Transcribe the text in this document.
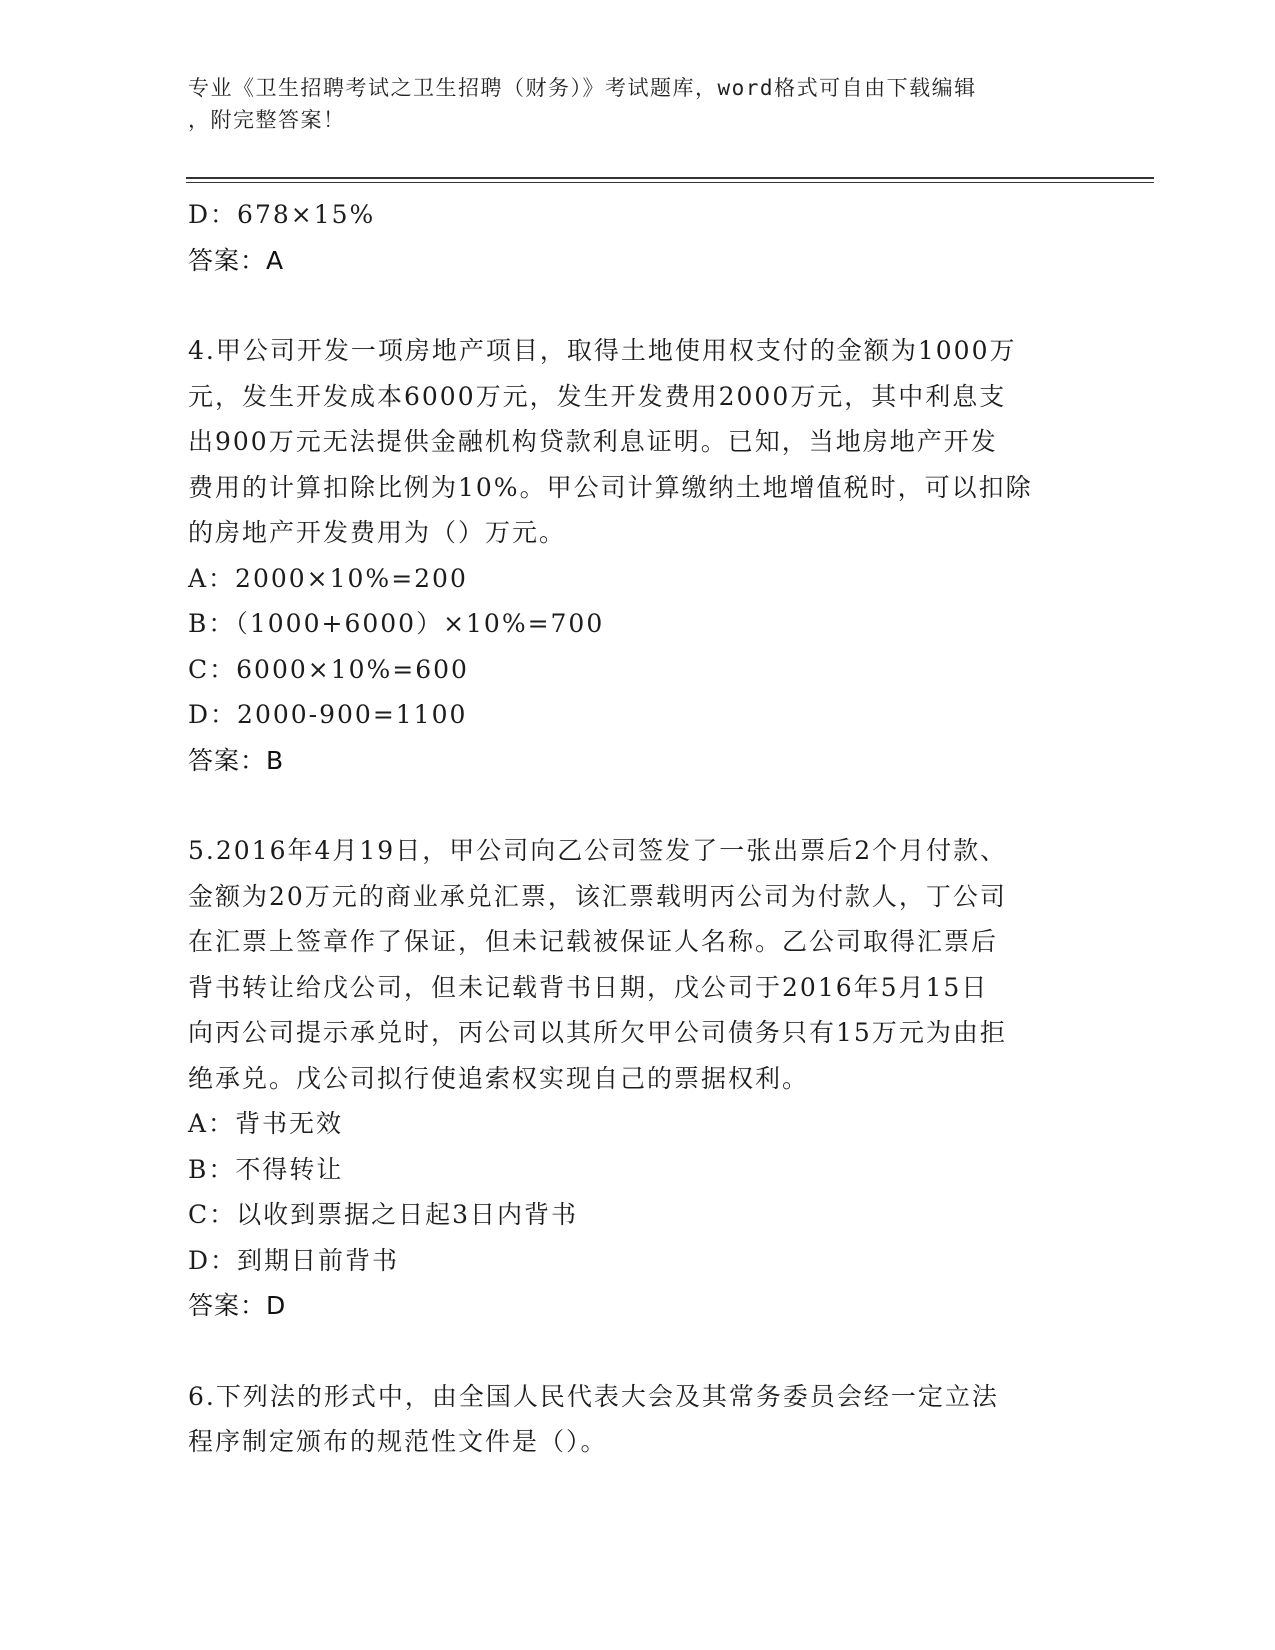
专业《卫生招聘考试之卫生招聘（财务）》考试题库，word格式可自由下载编辑
，附完整答案！
D：678×15%
答案：A
4.甲公司开发一项房地产项目，取得土地使用权支付的金额为1000万
元，发生开发成本6000万元，发生开发费用2000万元，其中利息支
出900万元无法提供金融机构贷款利息证明。已知，当地房地产开发
费用的计算扣除比例为10%。甲公司计算缴纳土地增值税时，可以扣除
的房地产开发费用为（）万元。
A：2000×10%=200
B：（1000+6000）×10%=700
C：6000×10%=600
D：2000-900=1100
答案：B
5.2016年4月19日，甲公司向乙公司签发了一张出票后2个月付款、
金额为20万元的商业承兑汇票，该汇票载明丙公司为付款人，丁公司
在汇票上签章作了保证，但未记载被保证人名称。乙公司取得汇票后
背书转让给戊公司，但未记载背书日期，戊公司于2016年5月15日
向丙公司提示承兑时，丙公司以其所欠甲公司债务只有15万元为由拒
绝承兑。戊公司拟行使追索权实现自己的票据权利。
A：背书无效
B：不得转让
C：以收到票据之日起3日内背书
D：到期日前背书
答案：D
6.下列法的形式中，由全国人民代表大会及其常务委员会经一定立法
程序制定颁布的规范性文件是（）。
